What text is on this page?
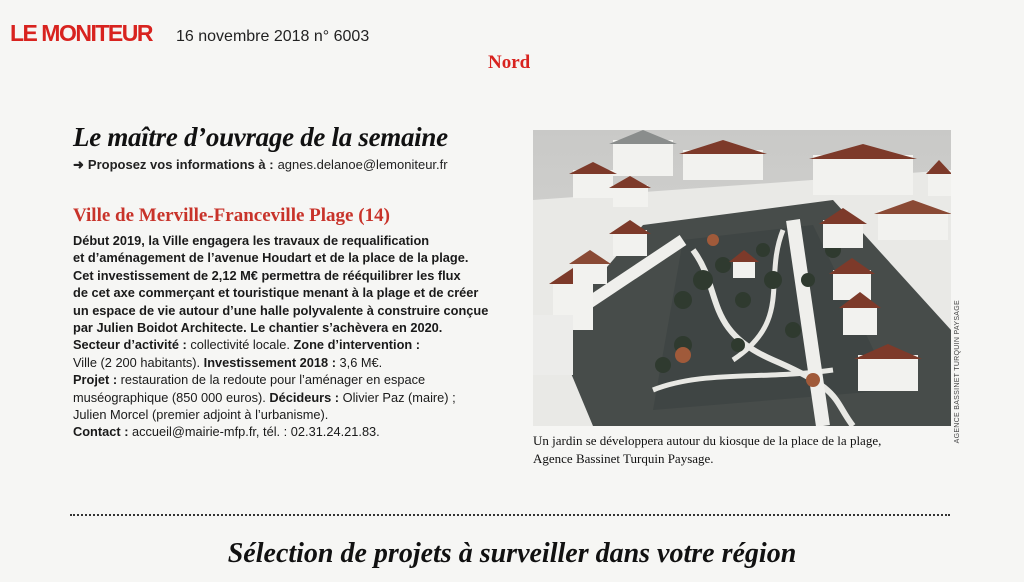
LE MONITEUR 16 novembre 2018 n° 6003
Nord
Le maître d’ouvrage de la semaine
➜ Proposez vos informations à : agnes.delanoe@lemoniteur.fr
Ville de Merville-Franceville Plage (14)
Début 2019, la Ville engagera les travaux de requalification
et d’aménagement de l’avenue Houdart et de la place de la plage.
Cet investissement de 2,12 M€ permettra de rééquilibrer les flux
de cet axe commerçant et touristique menant à la plage et de créer
un espace de vie autour d’une halle polyvalente à construire conçue
par Julien Boidot Architecte. Le chantier s’achèvera en 2020.
Secteur d’activité : collectivité locale. Zone d’intervention :
Ville (2 200 habitants). Investissement 2018 : 3,6 M€.
Projet : restauration de la redoute pour l’aménager en espace
muséographique (850 000 euros). Décideurs : Olivier Paz (maire) ;
Julien Morcel (premier adjoint à l’urbanisme).
Contact : accueil@mairie-mfp.fr, tél. : 02.31.24.21.83.	AGENCE BASSINET TURQUIN PAYSAGE
Un jardin se développera autour du kiosque de la place de la plage,
Agence Bassinet Turquin Paysage.
Sélection de projets à surveiller dans votre région
